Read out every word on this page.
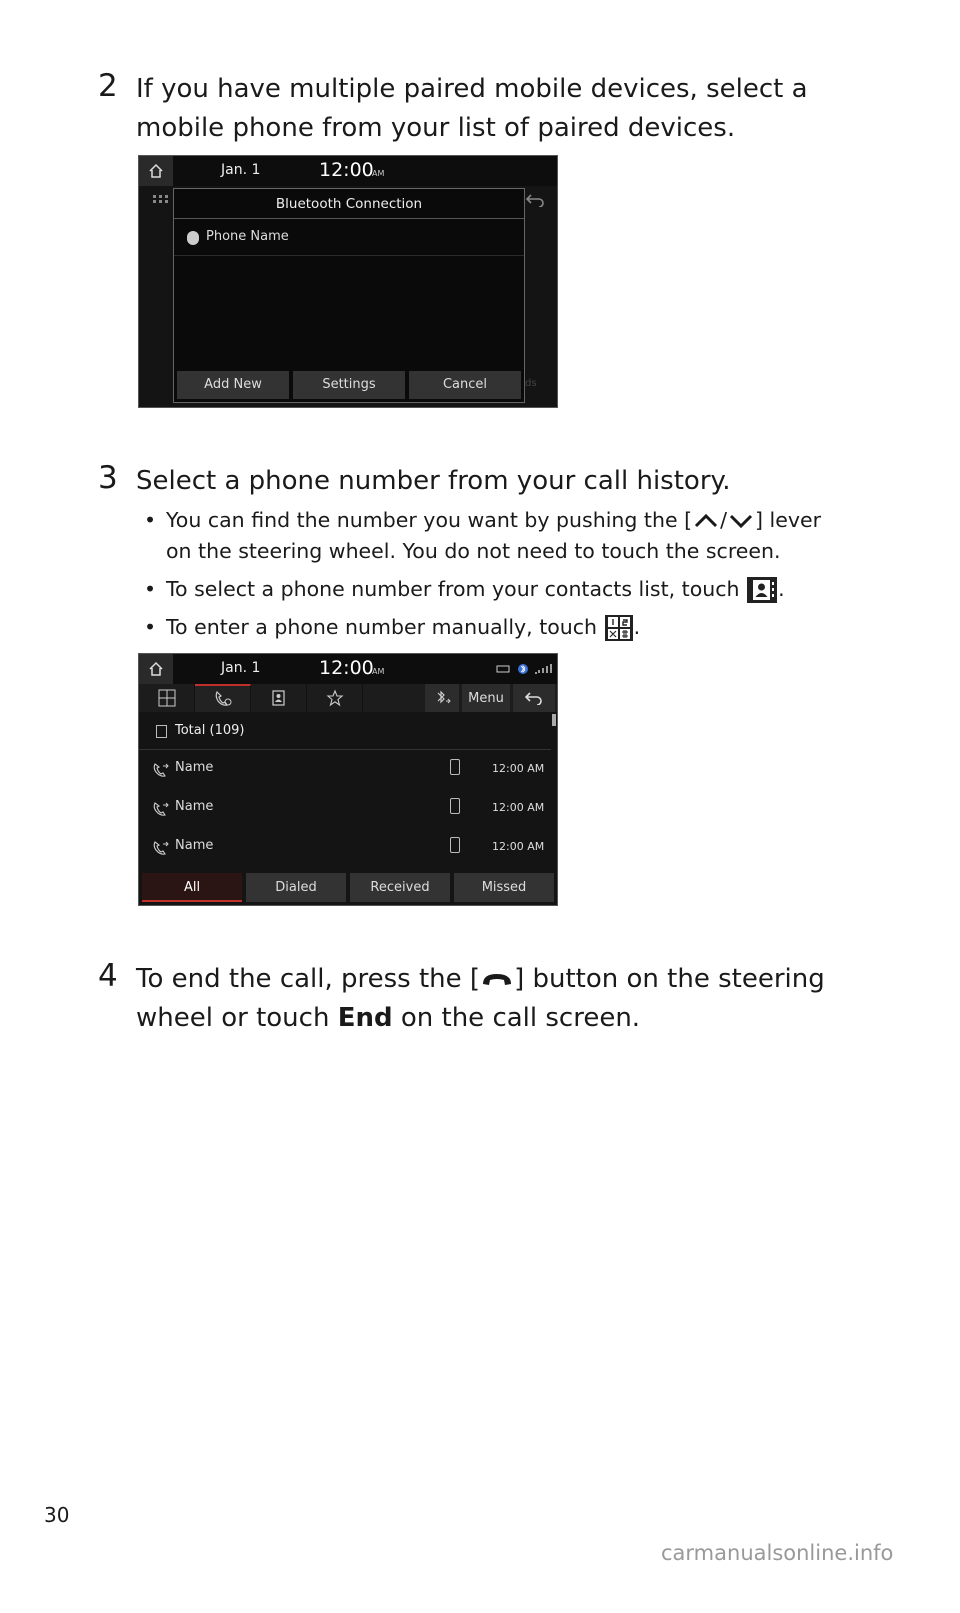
2 If you have multiple paired mobile devices, select a
mobile phone from your list of paired devices.
Jan. 1	12:00
AM
ds
Bluetooth Connection
Phone Name
Add New	Settings	Cancel
3 Select a phone number from your call history.
• You can find the number you want by pushing the [ / ] lever
on the steering wheel. You do not need to touch the screen.
• To select a phone number from your contacts list, touch .
• To enter a phone number manually, touch .
Jan. 1	12:00
AM
Menu
Total (109)
Name	12:00 AM
Name	12:00 AM
Name	12:00 AM
All	Dialed	Received	Missed
4 To end the call, press the [ ] button on the steering
wheel or touch End on the call screen.
30
carmanualsonline.info
